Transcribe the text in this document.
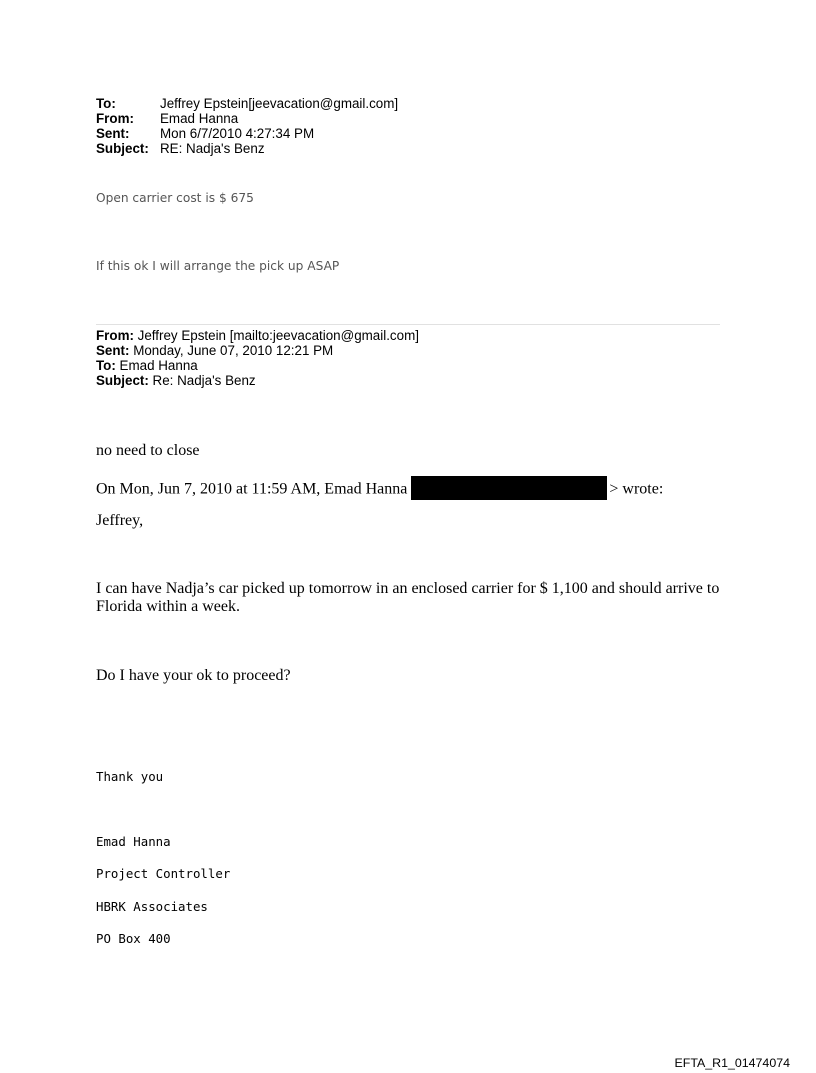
To:	Jeffrey Epstein[jeevacation@gmail.com]
From:	Emad Hanna
Sent:	Mon 6/7/2010 4:27:34 PM
Subject: RE: Nadja's Benz
Open carrier cost is $ 675
If this ok I will arrange the pick up ASAP
From: Jeffrey Epstein [mailto:jeevacation@gmail.com]
Sent: Monday, June 07, 2010 12:21 PM
To: Emad Hanna
Subject: Re: Nadja's Benz
no need to close
On Mon, Jun 7, 2010 at 11:59 AM, Emad Hanna	> wrote:
Jeffrey,
I can have Nadja’s car picked up tomorrow in an enclosed carrier for $ 1,100 and should arrive to Florida within a week.
Do I have your ok to proceed?
Thank you
Emad Hanna
Project Controller
HBRK Associates
PO Box 400
EFTA_R1_01474074
